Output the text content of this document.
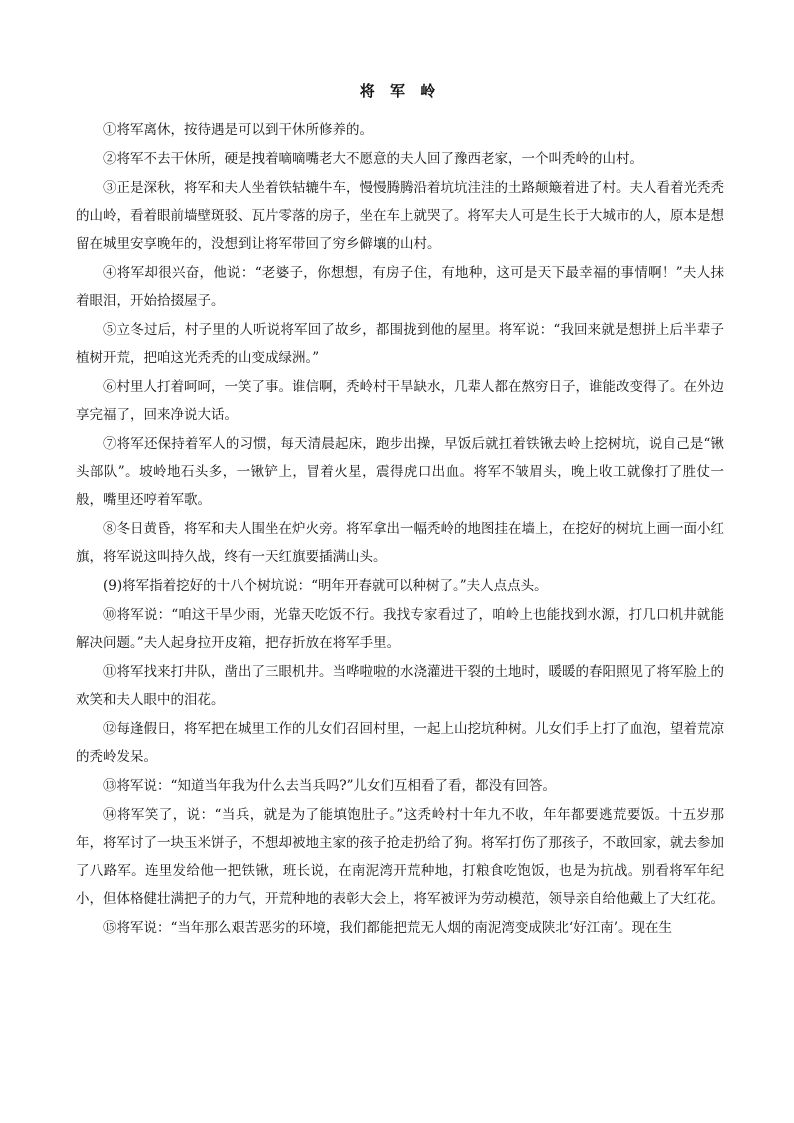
将 军 岭

①将军离休，按待遇是可以到干休所修养的。

②将军不去干休所，硬是拽着嘀嘀嘴老大不愿意的夫人回了豫西老家，一个叫秃岭的山村。

③正是深秋，将军和夫人坐着铁轱辘牛车，慢慢腾腾沿着坑坑洼洼的土路颠簸着进了村。夫人看着光秃秃的山岭，看着眼前墙壁斑驳、瓦片零落的房子，坐在车上就哭了。将军夫人可是生长于大城市的人，原本是想留在城里安享晚年的，没想到让将军带回了穷乡僻壤的山村。

④将军却很兴奋，他说：“老婆子，你想想，有房子住，有地种，这可是天下最幸福的事情啊！”夫人抹着眼泪，开始拾掇屋子。

⑤立冬过后，村子里的人听说将军回了故乡，都围拢到他的屋里。将军说：“我回来就是想拼上后半辈子植树开荒，把咱这光秃秃的山变成绿洲。”

⑥村里人打着呵呵，一笑了事。谁信啊，秃岭村干旱缺水，几辈人都在熬穷日子，谁能改变得了。在外边享完福了，回来净说大话。

⑦将军还保持着军人的习惯，每天清晨起床，跑步出操，早饭后就扛着铁锹去岭上挖树坑，说自己是“锹头部队”。坡岭地石头多，一锹铲上，冒着火星，震得虎口出血。将军不皱眉头，晚上收工就像打了胜仗一般，嘴里还哼着军歌。

⑧冬日黄昏，将军和夫人围坐在炉火旁。将军拿出一幅秃岭的地图挂在墙上，在挖好的树坑上画一面小红旗，将军说这叫持久战，终有一天红旗要插满山头。

(9)将军指着挖好的十八个树坑说：“明年开春就可以种树了。”夫人点点头。

⑩将军说：“咱这干旱少雨，光靠天吃饭不行。我找专家看过了，咱岭上也能找到水源，打几口机井就能解决问题。”夫人起身拉开皮箱，把存折放在将军手里。

⑪将军找来打井队，凿出了三眼机井。当哗啦啦的水浇灌进干裂的土地时，暖暖的春阳照见了将军脸上的欢笑和夫人眼中的泪花。

⑫每逢假日，将军把在城里工作的儿女们召回村里，一起上山挖坑种树。儿女们手上打了血泡，望着荒凉的秃岭发呆。

⑬将军说：“知道当年我为什么去当兵吗?”儿女们互相看了看，都没有回答。

⑭将军笑了，说：“当兵，就是为了能填饱肚子。”这秃岭村十年九不收，年年都要逃荒要饭。十五岁那年，将军讨了一块玉米饼子，不想却被地主家的孩子抢走扔给了狗。将军打伤了那孩子，不敢回家，就去参加了八路军。连里发给他一把铁锹，班长说，在南泥湾开荒种地，打粮食吃饱饭，也是为抗战。别看将军年纪小，但体格健壮满把子的力气，开荒种地的表彰大会上，将军被评为劳动模范，领导亲自给他戴上了大红花。

⑮将军说：“当年那么艰苦恶劣的环境，我们都能把荒无人烟的南泥湾变成陕北‘好江南’。现在生
